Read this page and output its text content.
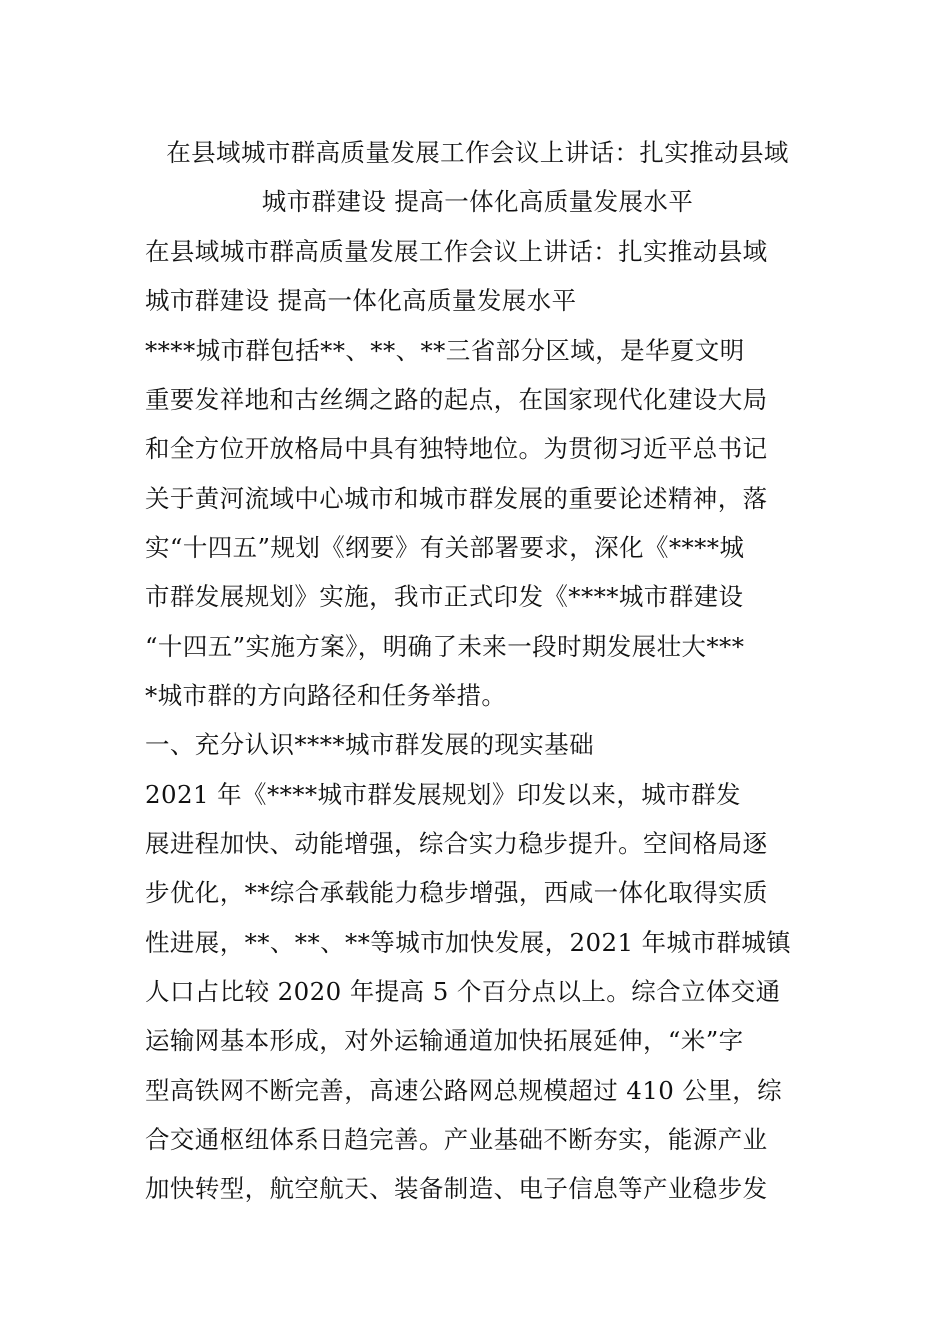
在县域城市群高质量发展工作会议上讲话：扎实推动县域

城市群建设 提高一体化高质量发展水平

在县域城市群高质量发展工作会议上讲话：扎实推动县域

城市群建设 提高一体化高质量发展水平

****城市群包括**、**、**三省部分区域，是华夏文明

重要发祥地和古丝绸之路的起点，在国家现代化建设大局

和全方位开放格局中具有独特地位。为贯彻习近平总书记

关于黄河流域中心城市和城市群发展的重要论述精神，落

实“十四五”规划《纲要》有关部署要求，深化《****城

市群发展规划》实施，我市正式印发《****城市群建设

“十四五”实施方案》，明确了未来一段时期发展壮大***

*城市群的方向路径和任务举措。

一、充分认识****城市群发展的现实基础

2021 年《****城市群发展规划》印发以来，城市群发

展进程加快、动能增强，综合实力稳步提升。空间格局逐

步优化，**综合承载能力稳步增强，西咸一体化取得实质

性进展，**、**、**等城市加快发展，2021 年城市群城镇

人口占比较 2020 年提高 5 个百分点以上。综合立体交通

运输网基本形成，对外运输通道加快拓展延伸，“米”字

型高铁网不断完善，高速公路网总规模超过 410 公里，综

合交通枢纽体系日趋完善。产业基础不断夯实，能源产业

加快转型，航空航天、装备制造、电子信息等产业稳步发
